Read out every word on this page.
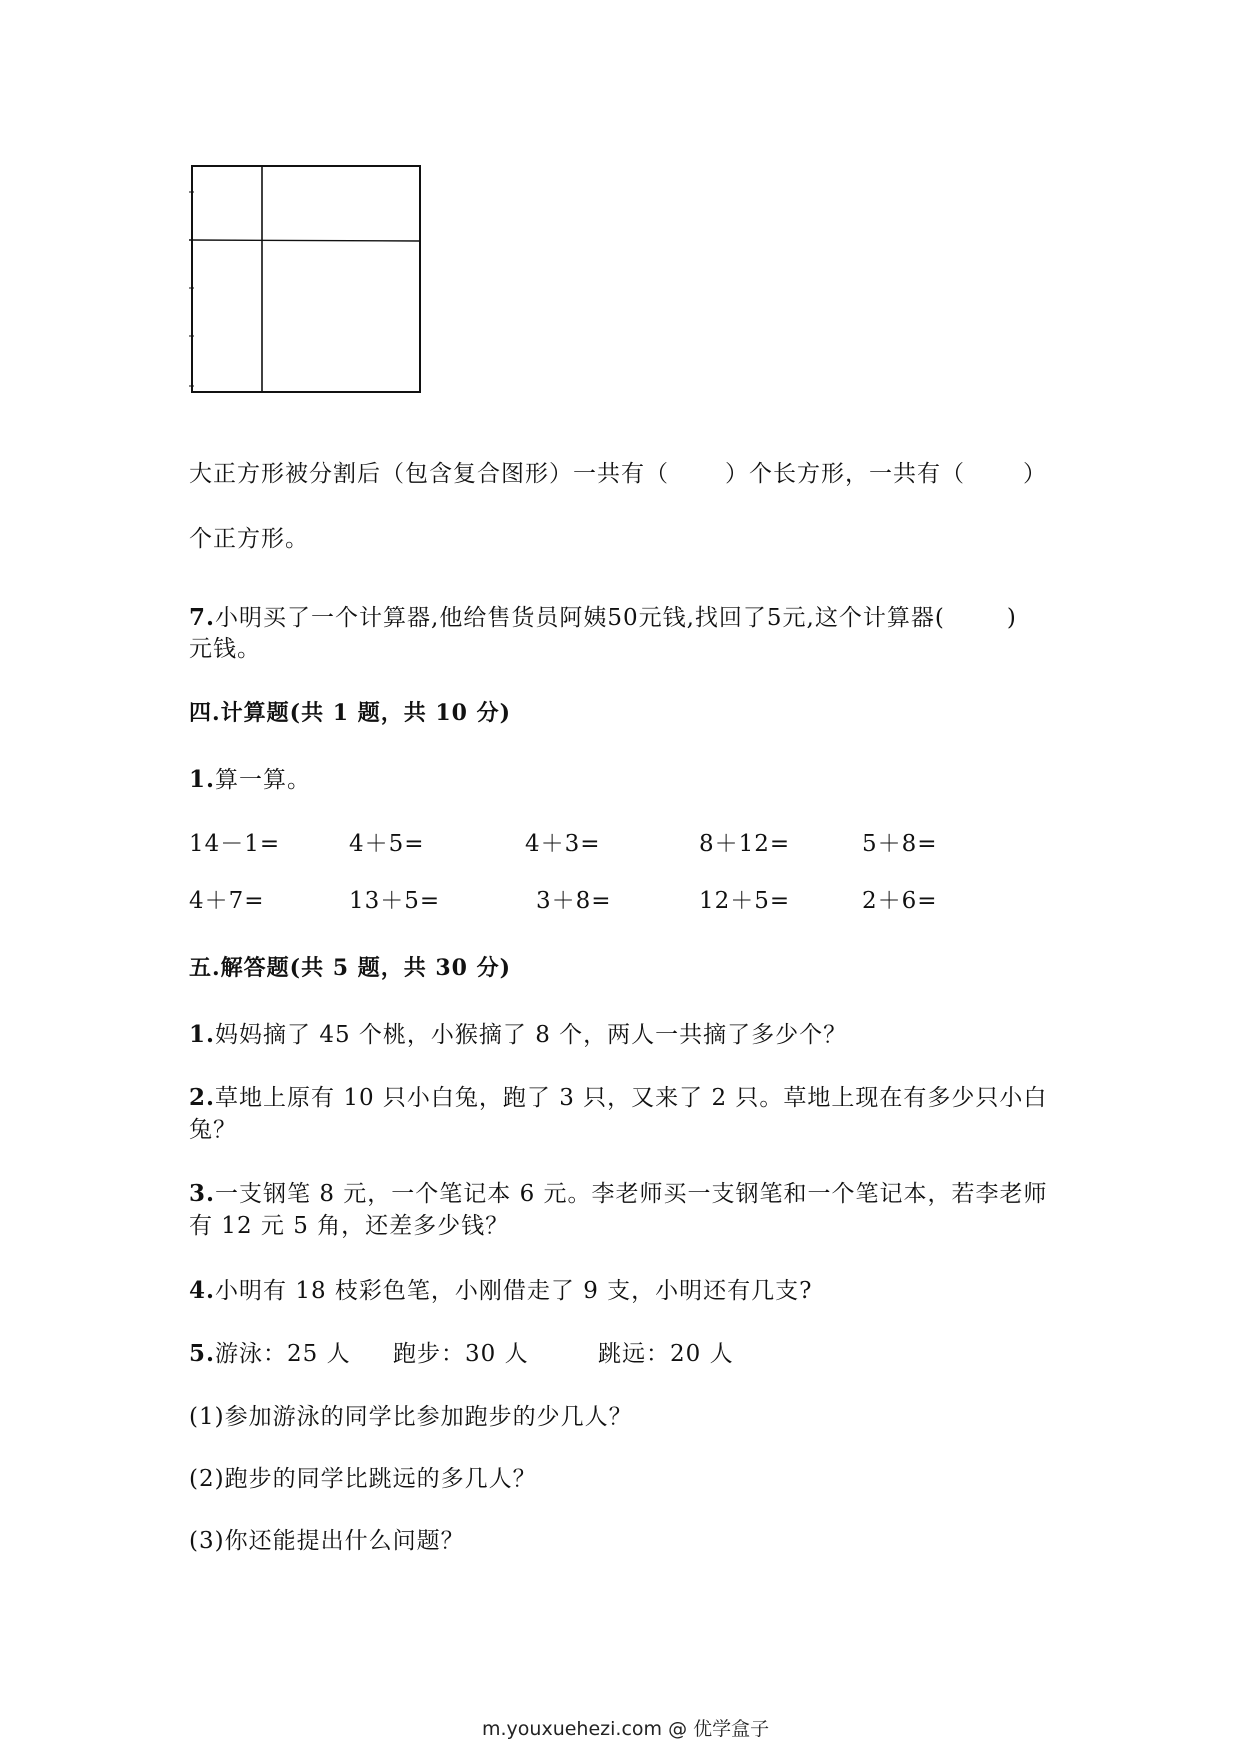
大正方形被分割后（包含复合图形）一共有（ ）个长方形，一共有（	）
个正方形。
7.小明买了一个计算器,他给售货员阿姨50元钱,找回了5元,这个计算器(	)
元钱。
四.计算题(共 1 题，共 10 分)
1.算一算。
14－1=	4＋5=	4＋3=	8＋12=	5＋8=
4＋7=	13＋5=	3＋8=	12＋5=	2＋6=
五.解答题(共 5 题，共 30 分)
1.妈妈摘了 45 个桃，小猴摘了 8 个，两人一共摘了多少个？
2.草地上原有 10 只小白兔，跑了 3 只，又来了 2 只。草地上现在有多少只小白
兔？
3.一支钢笔 8 元，一个笔记本 6 元。李老师买一支钢笔和一个笔记本，若李老师
有 12 元 5 角，还差多少钱？
4.小明有 18 枝彩色笔，小刚借走了 9 支，小明还有几支?
5.游泳：25 人 跑步：30 人	跳远：20 人
(1)参加游泳的同学比参加跑步的少几人？
(2)跑步的同学比跳远的多几人？
(3)你还能提出什么问题？
m.youxuehezi.com @ 优学盒子
